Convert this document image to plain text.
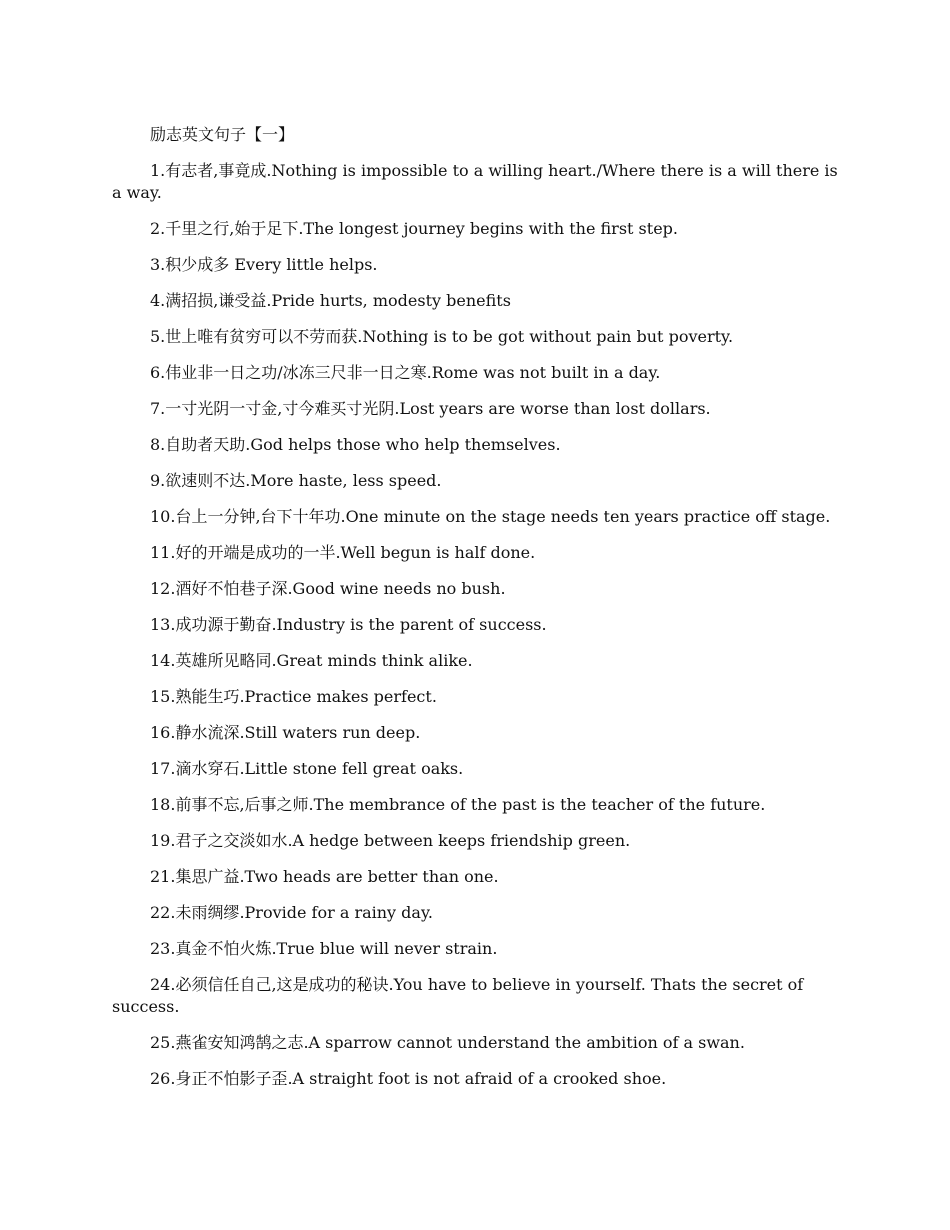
励志英文句子【一】

1.有志者,事竟成.Nothing is impossible to a willing heart./Where there is a will there is a way.

2.千里之行,始于足下.The longest journey begins with the first step.

3.积少成多 Every little helps.

4.满招损,谦受益.Pride hurts, modesty benefits

5.世上唯有贫穷可以不劳而获.Nothing is to be got without pain but poverty.

6.伟业非一日之功/冰冻三尺非一日之寒.Rome was not built in a day.

7.一寸光阴一寸金,寸今难买寸光阴.Lost years are worse than lost dollars.

8.自助者天助.God helps those who help themselves.

9.欲速则不达.More haste, less speed.

10.台上一分钟,台下十年功.One minute on the stage needs ten years practice off stage.

11.好的开端是成功的一半.Well begun is half done.

12.酒好不怕巷子深.Good wine needs no bush.

13.成功源于勤奋.Industry is the parent of success.

14.英雄所见略同.Great minds think alike.

15.熟能生巧.Practice makes perfect.

16.静水流深.Still waters run deep.

17.滴水穿石.Little stone fell great oaks.

18.前事不忘,后事之师.The membrance of the past is the teacher of the future.

19.君子之交淡如水.A hedge between keeps friendship green.

21.集思广益.Two heads are better than one.

22.未雨绸缪.Provide for a rainy day.

23.真金不怕火炼.True blue will never strain.

24.必须信任自己,这是成功的秘诀.You have to believe in yourself. Thats the secret of success.

25.燕雀安知鸿鹄之志.A sparrow cannot understand the ambition of a swan.

26.身正不怕影子歪.A straight foot is not afraid of a crooked shoe.
